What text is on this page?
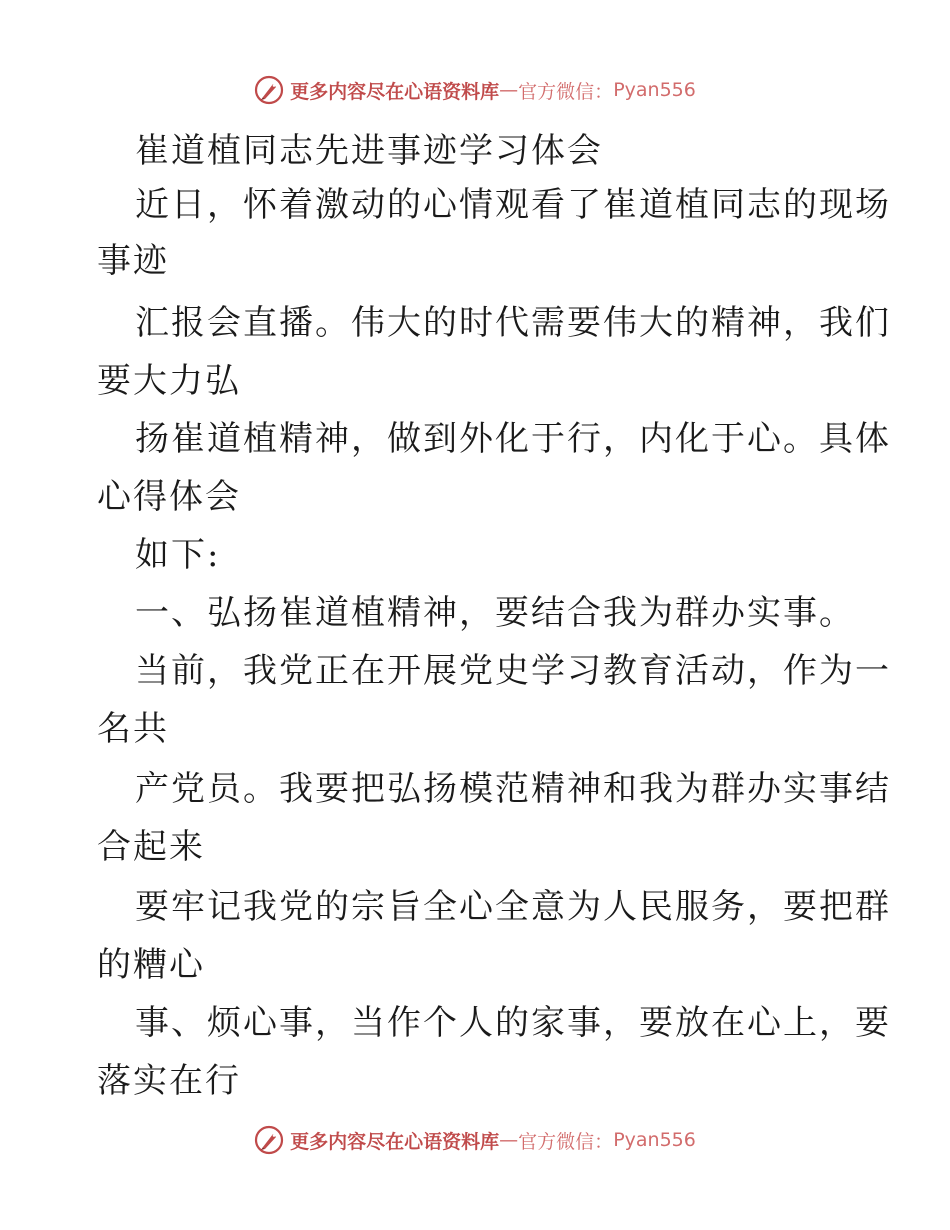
更多内容尽在心语资料库 — 官方微信： Pyan556
崔道植同志先进事迹学习体会
近日，怀着激动的心情观看了崔道植同志的现场
事迹
汇报会直播。伟大的时代需要伟大的精神，我们
要大力弘
扬崔道植精神，做到外化于行，内化于心。具体
心得体会
如下:
一、弘扬崔道植精神，要结合我为群办实事。
当前，我党正在开展党史学习教育活动，作为一
名共
产党员。我要把弘扬模范精神和我为群办实事结
合起来
要牢记我党的宗旨全心全意为人民服务，要把群
的糟心
事、烦心事，当作个人的家事，要放在心上，要
落实在行
更多内容尽在心语资料库 — 官方微信： Pyan556
